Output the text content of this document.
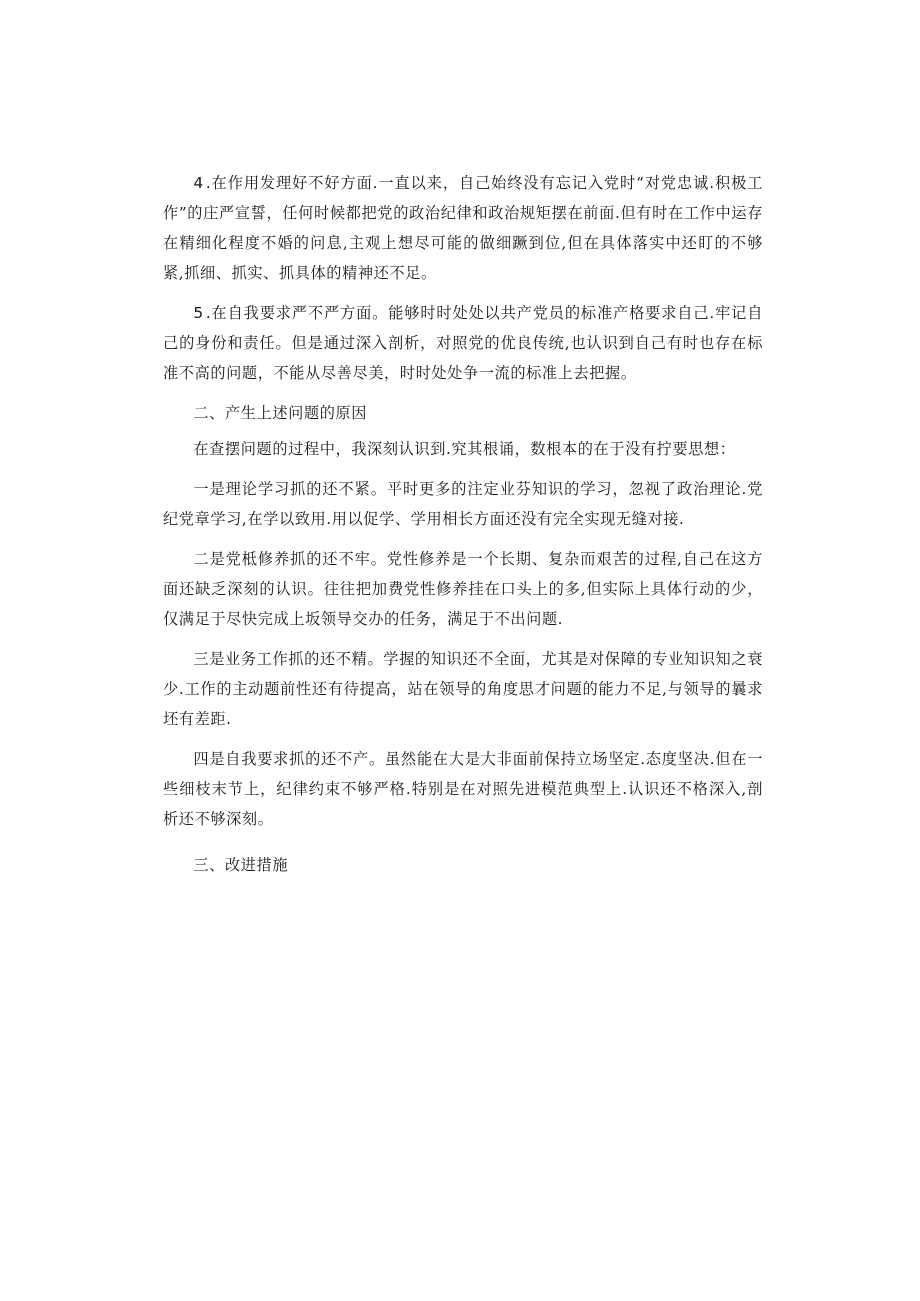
4 .在作用发理好不好方面.一直以来，自己始终没有忘记入党时“对党忠诚.积极工作”的庄严宣誓，任何时候都把党的政治纪律和政治规矩摆在前面.但有时在工作中运存在精细化程度不婚的问息,主观上想尽可能的做细蹶到位,但在具体落实中还盯的不够紧,抓细、抓实、抓具体的精神还不足。

5 .在自我要求严不严方面。能够时时处处以共产党员的标准产格要求自己.牢记自己的身份和责任。但是通过深入剖析，对照党的优良传统,也认识到自己有时也存在标准不高的问题，不能从尽善尽美，时时处处争一流的标准上去把握。

二、产生上述问题的原因

在查摆问题的过程中，我深刻认识到.究其根诵，数根本的在于没有拧要思想：

一是理论学习抓的还不紧。平时更多的注定业芬知识的学习，忽视了政治理论.党纪党章学习,在学以致用.用以促学、学用相长方面还没有完全实现无缝对接.

二是党柢修养抓的还不牢。党性修养是一个长期、复杂而艰苦的过程,自己在这方面还缺乏深刻的认识。往往把加费党性修养挂在口头上的多,但实际上具体行动的少，仅满足于尽快完成上坂领导交办的任务，满足于不出问题.

三是业务工作抓的还不精。学握的知识还不全面，尤其是对保障的专业知识知之衰少.工作的主动题前性还有待提高，站在领导的角度思才问题的能力不足,与领导的曩求坯有差距.

四是自我要求抓的还不产。虽然能在大是大非面前保持立场坚定.态度坚决.但在一些细枝末节上，纪律约束不够严格.特别是在对照先进模范典型上.认识还不格深入,剖析还不够深刻。

三、改进措施
